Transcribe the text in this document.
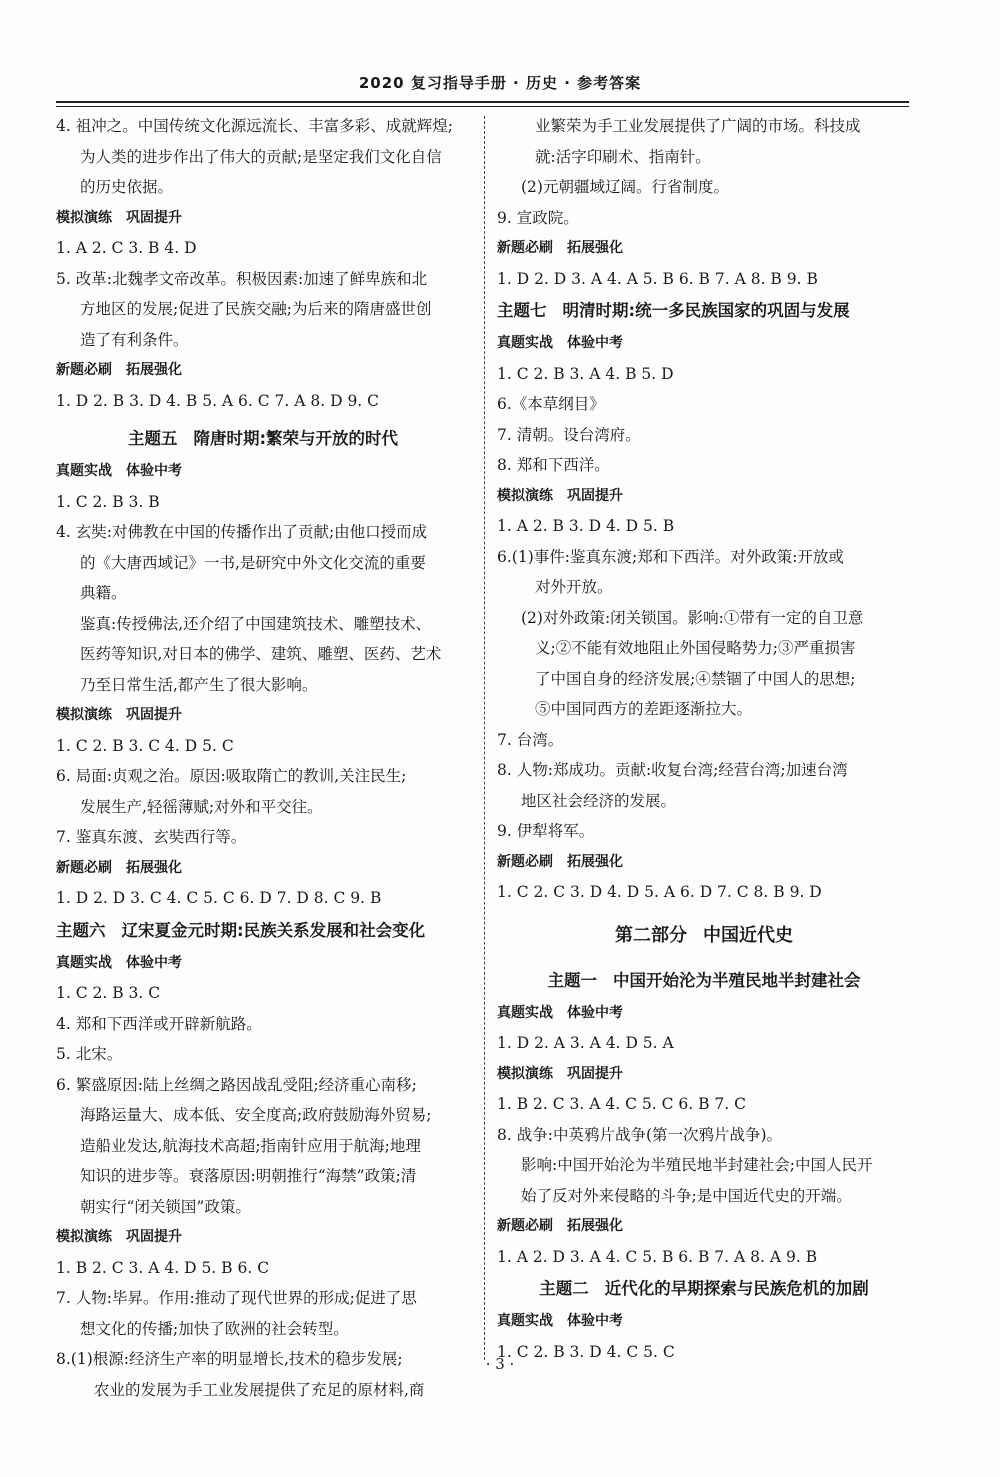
2020 复习指导手册 · 历史 · 参考答案
4. 祖冲之。中国传统文化源远流长、丰富多彩、成就辉煌;
为人类的进步作出了伟大的贡献;是坚定我们文化自信
的历史依据。
模拟演练 巩固提升
1. A 2. C 3. B 4. D
5. 改革:北魏孝文帝改革。积极因素:加速了鲜卑族和北
方地区的发展;促进了民族交融;为后来的隋唐盛世创
造了有利条件。
新题必刷 拓展强化
1. D 2. B 3. D 4. B 5. A 6. C 7. A 8. D 9. C
主题五 隋唐时期:繁荣与开放的时代
真题实战 体验中考
1. C 2. B 3. B
4. 玄奘:对佛教在中国的传播作出了贡献;由他口授而成
的《大唐西域记》一书,是研究中外文化交流的重要
典籍。
鉴真:传授佛法,还介绍了中国建筑技术、雕塑技术、
医药等知识,对日本的佛学、建筑、雕塑、医药、艺术
乃至日常生活,都产生了很大影响。
模拟演练 巩固提升
1. C 2. B 3. C 4. D 5. C
6. 局面:贞观之治。原因:吸取隋亡的教训,关注民生;
发展生产,轻徭薄赋;对外和平交往。
7. 鉴真东渡、玄奘西行等。
新题必刷 拓展强化
1. D 2. D 3. C 4. C 5. C 6. D 7. D 8. C 9. B
主题六 辽宋夏金元时期:民族关系发展和社会变化
真题实战 体验中考
1. C 2. B 3. C
4. 郑和下西洋或开辟新航路。
5. 北宋。
6. 繁盛原因:陆上丝绸之路因战乱受阻;经济重心南移;
海路运量大、成本低、安全度高;政府鼓励海外贸易;
造船业发达,航海技术高超;指南针应用于航海;地理
知识的进步等。衰落原因:明朝推行“海禁”政策;清
朝实行“闭关锁国”政策。
模拟演练 巩固提升
1. B 2. C 3. A 4. D 5. B 6. C
7. 人物:毕昇。作用:推动了现代世界的形成;促进了思
想文化的传播;加快了欧洲的社会转型。
8.(1)根源:经济生产率的明显增长,技术的稳步发展;
农业的发展为手工业发展提供了充足的原材料,商
业繁荣为手工业发展提供了广阔的市场。科技成
就:活字印刷术、指南针。
(2)元朝疆域辽阔。行省制度。
9. 宣政院。
新题必刷 拓展强化
1. D 2. D 3. A 4. A 5. B 6. B 7. A 8. B 9. B
主题七 明清时期:统一多民族国家的巩固与发展
真题实战 体验中考
1. C 2. B 3. A 4. B 5. D
6.《本草纲目》
7. 清朝。设台湾府。
8. 郑和下西洋。
模拟演练 巩固提升
1. A 2. B 3. D 4. D 5. B
6.(1)事件:鉴真东渡;郑和下西洋。对外政策:开放或
对外开放。
(2)对外政策:闭关锁国。影响:①带有一定的自卫意
义;②不能有效地阻止外国侵略势力;③严重损害
了中国自身的经济发展;④禁锢了中国人的思想;
⑤中国同西方的差距逐渐拉大。
7. 台湾。
8. 人物:郑成功。贡献:收复台湾;经营台湾;加速台湾
地区社会经济的发展。
9. 伊犁将军。
新题必刷 拓展强化
1. C 2. C 3. D 4. D 5. A 6. D 7. C 8. B 9. D
第二部分 中国近代史
主题一 中国开始沦为半殖民地半封建社会
真题实战 体验中考
1. D 2. A 3. A 4. D 5. A
模拟演练 巩固提升
1. B 2. C 3. A 4. C 5. C 6. B 7. C
8. 战争:中英鸦片战争(第一次鸦片战争)。
影响:中国开始沦为半殖民地半封建社会;中国人民开
始了反对外来侵略的斗争;是中国近代史的开端。
新题必刷 拓展强化
1. A 2. D 3. A 4. C 5. B 6. B 7. A 8. A 9. B
主题二 近代化的早期探索与民族危机的加剧
真题实战 体验中考
1. C 2. B 3. D 4. C 5. C
· 3 ·
